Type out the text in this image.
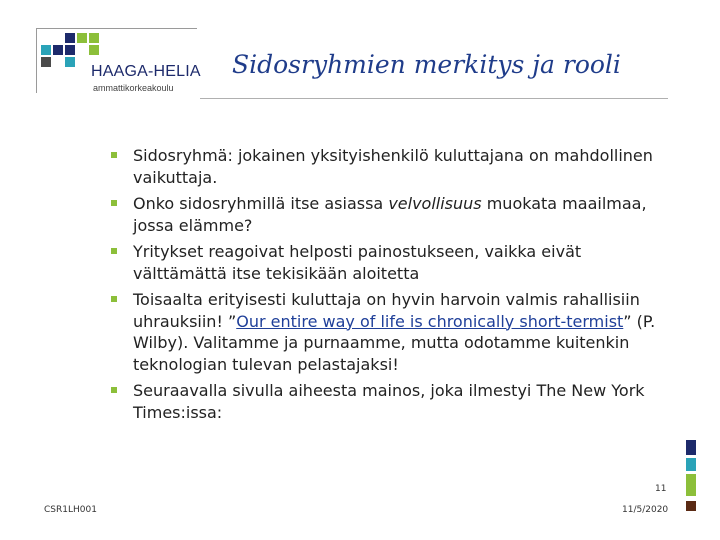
HAAGA-HELIA
ammattikorkeakoulu
Sidosryhmien merkitys ja rooli
Sidosryhmä: jokainen yksityishenkilö kuluttajana on mahdollinen vaikuttaja.
Onko sidosryhmillä itse asiassa velvollisuus muokata maailmaa, jossa elämme?
Yritykset reagoivat helposti painostukseen, vaikka eivät välttämättä itse tekisikään aloitetta
Toisaalta erityisesti kuluttaja on hyvin harvoin valmis rahallisiin uhrauksiin! ”Our entire way of life is chronically short-termist” (P. Wilby). Valitamme ja purnaamme, mutta odotamme kuitenkin teknologian tulevan pelastajaksi!
Seuraavalla sivulla aiheesta mainos, joka ilmestyi The New York Times:issa:
11
CSR1LH001	11/5/2020
